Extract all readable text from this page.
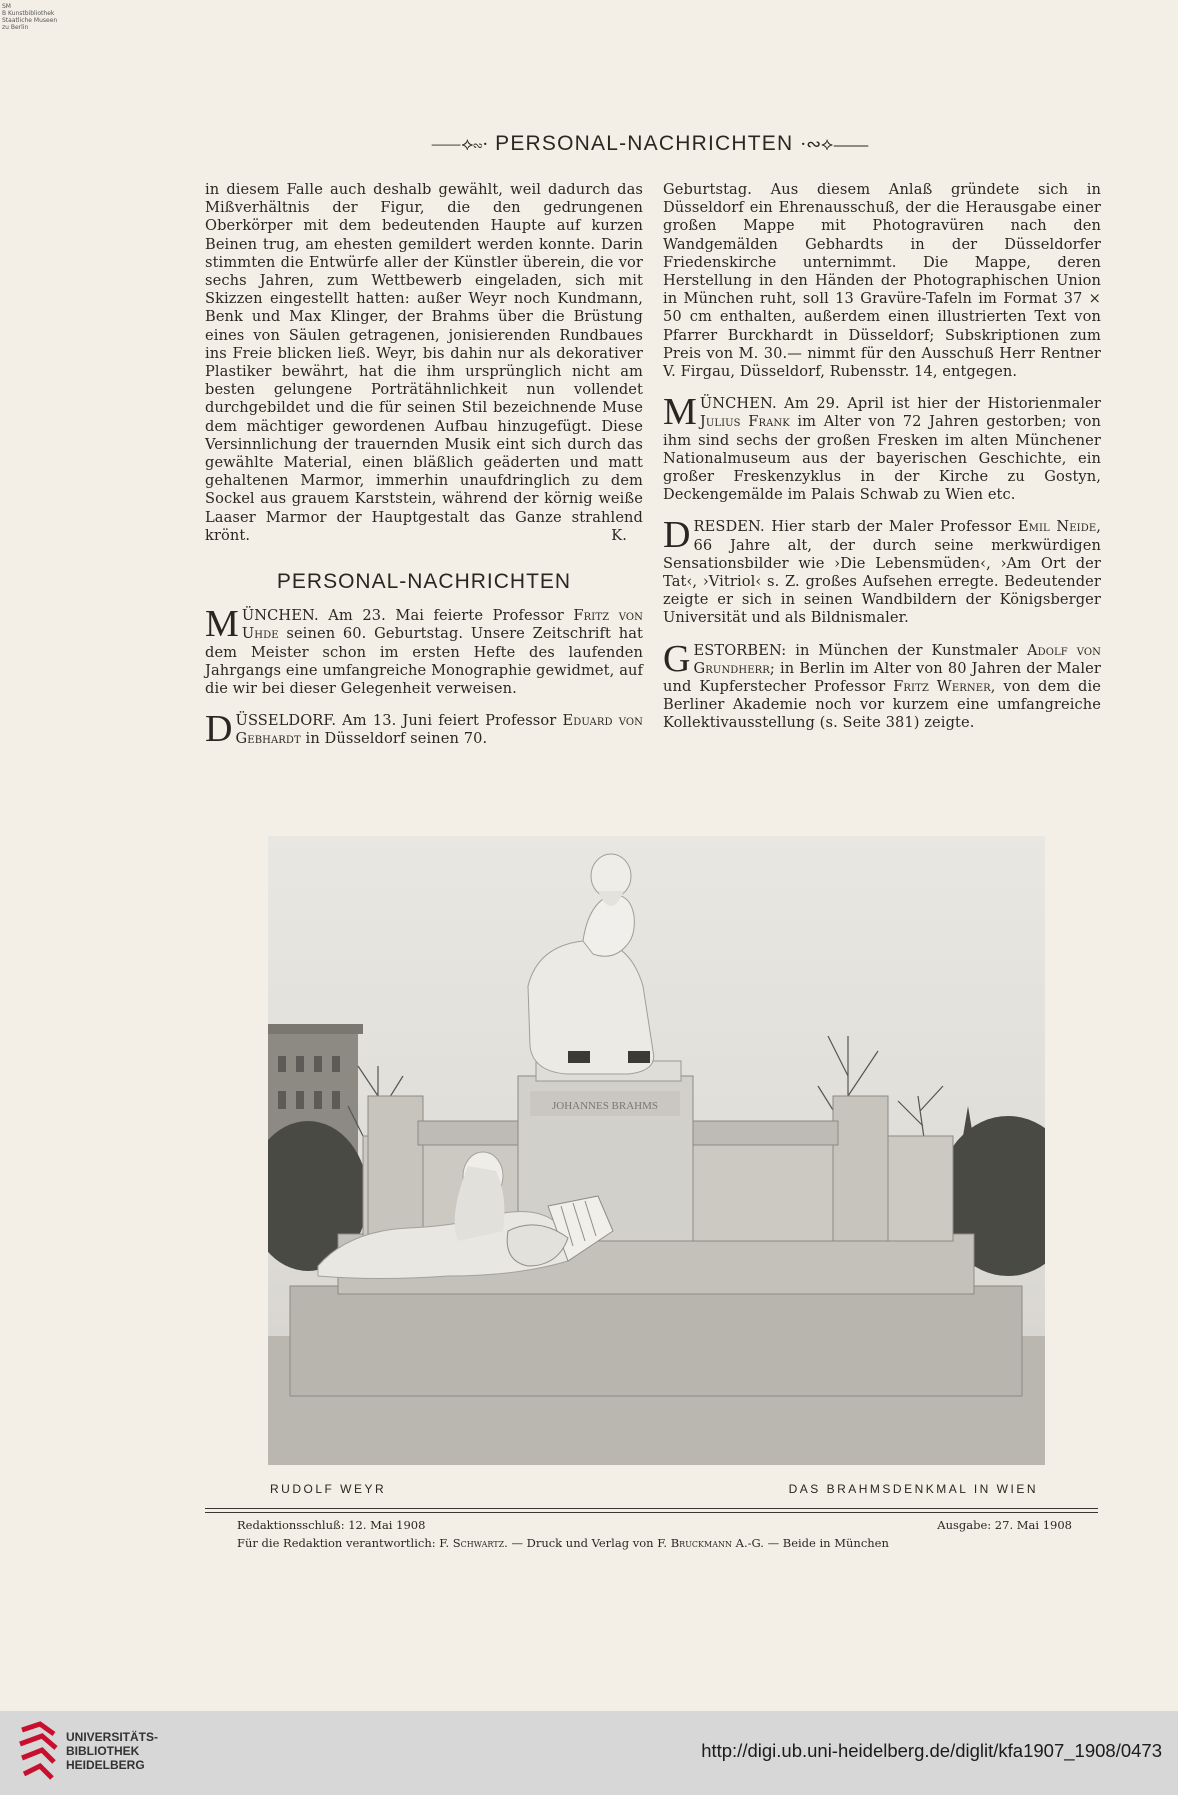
SM
B Kunstbibliothek
Staatliche Museen
zu Berlin
⸺⟡∾· PERSONAL-NACHRICHTEN ·∾⟡⸺

in diesem Falle auch deshalb gewählt, weil dadurch das Mißverhältnis der Figur, die den gedrungenen Oberkörper mit dem bedeutenden Haupte auf kurzen Beinen trug, am ehesten gemildert werden konnte. Darin stimmten die Entwürfe aller der Künstler überein, die vor sechs Jahren, zum Wettbewerb eingeladen, sich mit Skizzen eingestellt hatten: außer Weyr noch Kundmann, Benk und Max Klinger, der Brahms über die Brüstung eines von Säulen getragenen, jonisierenden Rundbaues ins Freie blicken ließ. Weyr, bis dahin nur als dekorativer Plastiker bewährt, hat die ihm ursprünglich nicht am besten gelungene Porträtähnlichkeit nun vollendet durchgebildet und die für seinen Stil bezeichnende Muse dem mächtiger gewordenen Aufbau hinzugefügt. Diese Versinnlichung der trauernden Musik eint sich durch das gewählte Material, einen bläßlich geäderten und matt gehaltenen Marmor, immerhin unaufdringlich zu dem Sockel aus grauem Karststein, während der körnig weiße Laaser Marmor der Hauptgestalt das Ganze strahlend krönt.	K.

PERSONAL-NACHRICHTEN

MÜNCHEN. Am 23. Mai feierte Professor Fritz von Uhde seinen 60. Geburtstag. Unsere Zeitschrift hat dem Meister schon im ersten Hefte des laufenden Jahrgangs eine umfangreiche Monographie gewidmet, auf die wir bei dieser Gelegenheit verweisen.

DÜSSELDORF. Am 13. Juni feiert Professor Eduard von Gebhardt in Düsseldorf seinen 70.

Geburtstag. Aus diesem Anlaß gründete sich in Düsseldorf ein Ehrenausschuß, der die Herausgabe einer großen Mappe mit Photogravüren nach den Wandgemälden Gebhardts in der Düsseldorfer Friedenskirche unternimmt. Die Mappe, deren Herstellung in den Händen der Photographischen Union in München ruht, soll 13 Gravüre-Tafeln im Format 37 × 50 cm enthalten, außerdem einen illustrierten Text von Pfarrer Burckhardt in Düsseldorf; Subskriptionen zum Preis von M. 30.— nimmt für den Ausschuß Herr Rentner V. Firgau, Düsseldorf, Rubensstr. 14, entgegen.

MÜNCHEN. Am 29. April ist hier der Historienmaler Julius Frank im Alter von 72 Jahren gestorben; von ihm sind sechs der großen Fresken im alten Münchener Nationalmuseum aus der bayerischen Geschichte, ein großer Freskenzyklus in der Kirche zu Gostyn, Deckengemälde im Palais Schwab zu Wien etc.

DRESDEN. Hier starb der Maler Professor Emil Neide, 66 Jahre alt, der durch seine merkwürdigen Sensationsbilder wie ›Die Lebensmüden‹, ›Am Ort der Tat‹, ›Vitriol‹ s. Z. großes Aufsehen erregte. Bedeutender zeigte er sich in seinen Wandbildern der Königsberger Universität und als Bildnismaler.

GESTORBEN: in München der Kunstmaler Adolf von Grundherr; in Berlin im Alter von 80 Jahren der Maler und Kupferstecher Professor Fritz Werner, von dem die Berliner Akademie noch vor kurzem eine umfangreiche Kollektivausstellung (s. Seite 381) zeigte.

JOHANNES BRAHMS
RUDOLF WEYR	DAS BRAHMSDENKMAL IN WIEN
Redaktionsschluß: 12. Mai 1908	Ausgabe: 27. Mai 1908
Für die Redaktion verantwortlich: F. Schwartz. — Druck und Verlag von F. Bruckmann A.-G. — Beide in München
UNIVERSITÄTS-
BIBLIOTHEK
HEIDELBERG
http://digi.ub.uni-heidelberg.de/diglit/kfa1907_1908/0473
